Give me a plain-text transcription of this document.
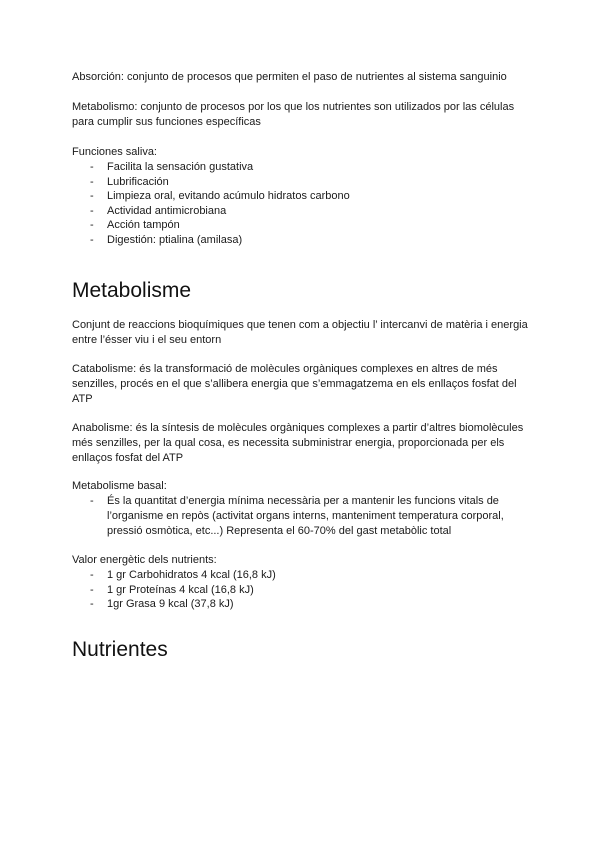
Absorción: conjunto de procesos que permiten el paso de nutrientes al sistema sanguinio

Metabolismo: conjunto de procesos por los que los nutrientes son utilizados por las células para cumplir sus funciones específicas

Funciones saliva:

- Facilita la sensación gustativa
- Lubrificación
- Limpieza oral, evitando acúmulo hidratos carbono
- Actividad antimicrobiana
- Acción tampón
- Digestión: ptialina (amilasa)
Metabolisme

Conjunt de reaccions bioquímiques que tenen com a objectiu l’ intercanvi de matèria i energia entre l’ésser viu i el seu entorn

Catabolisme: és la transformació de molècules orgàniques complexes en altres de més senzilles, procés en el que s’allibera energia que s’emmagatzema en els enllaços fosfat del ATP

Anabolisme: és la síntesis de molècules orgàniques complexes a partir d’altres biomolècules més senzilles, per la qual cosa, es necessita subministrar energia, proporcionada per els enllaços fosfat del ATP

Metabolisme basal:

- És la quantitat d’energia mínima necessària per a mantenir les funcions vitals de l’organisme en repòs (activitat organs interns, manteniment temperatura corporal, pressió osmòtica, etc...) Representa el 60-70% del gast metabòlic total

Valor energètic dels nutrients:

- 1 gr Carbohidratos 4 kcal (16,8 kJ)
- 1 gr Proteínas 4 kcal (16,8 kJ)
- 1gr Grasa 9 kcal (37,8 kJ)
Nutrientes
